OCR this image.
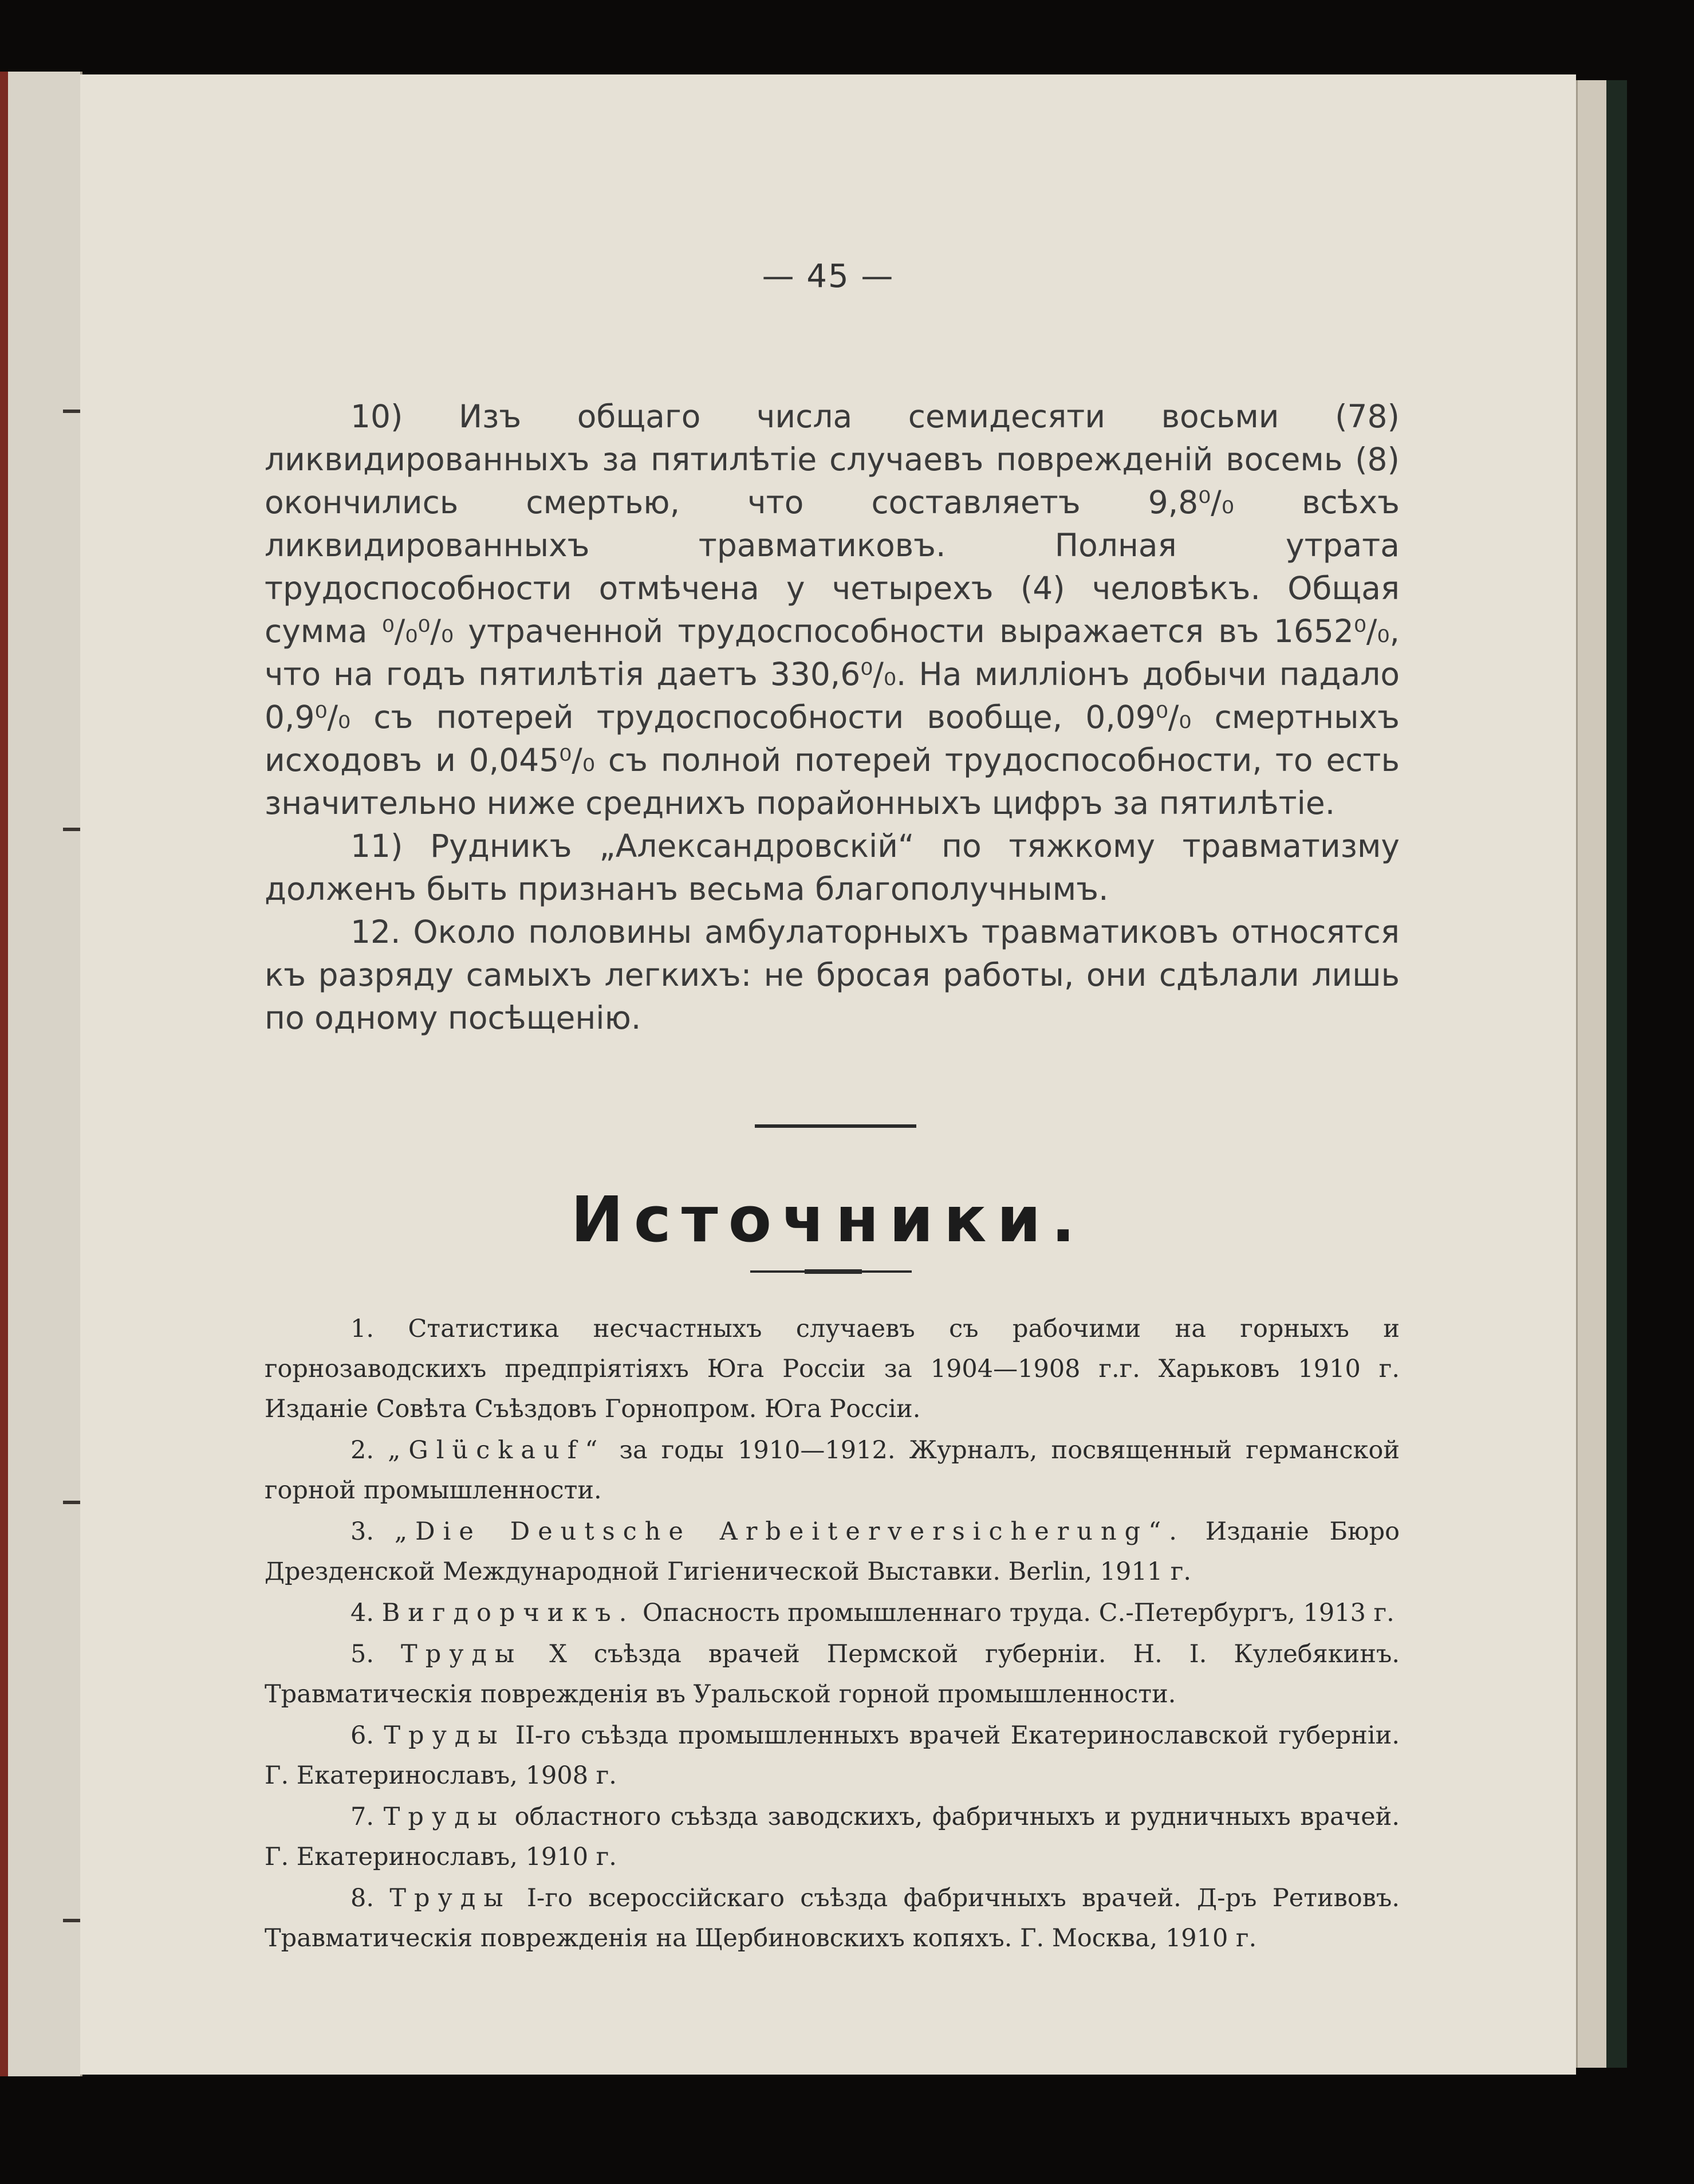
— 45 —

10) Изъ общаго числа семидесяти восьми (78) ликвидированныхъ за пятилѣтіе случаевъ поврежденій восемь (8) окончились смертью, что составляетъ 9,8⁰/₀ всѣхъ ликвидированныхъ травматиковъ. Полная утрата трудоспособности отмѣчена у четырехъ (4) человѣкъ. Общая сумма ⁰/₀⁰/₀ утраченной трудоспособности выражается въ 1652⁰/₀, что на годъ пятилѣтія даетъ 330,6⁰/₀. На милліонъ добычи падало 0,9⁰/₀ съ потерей трудоспособности вообще, 0,09⁰/₀ смертныхъ исходовъ и 0,045⁰/₀ съ полной потерей трудоспособности, то есть значительно ниже среднихъ порайонныхъ цифръ за пятилѣтіе.

11) Рудникъ „Александровскій“ по тяжкому травматизму долженъ быть признанъ весьма благополучнымъ.

12. Около половины амбулаторныхъ травматиковъ относятся къ разряду самыхъ легкихъ: не бросая работы, они сдѣлали лишь по одному посѣщенію.

Источники.

1. Статистика несчастныхъ случаевъ съ рабочими на горныхъ и горнозаводскихъ предпріятіяхъ Юга Россіи за 1904—1908 г.г. Харьковъ 1910 г. Изданіе Совѣта Съѣздовъ Горнопром. Юга Россіи.

2. „Glückauf“ за годы 1910—1912. Журналъ, посвященный германской горной промышленности.

3. „Die Deutsche Arbeiterversicherung“. Изданіе Бюро Дрезденской Международной Гигіенической Выставки. Berlin, 1911 г.

4. Вигдорчикъ. Опасность промышленнаго труда. С.-Петербургъ, 1913 г.

5. Труды X съѣзда врачей Пермской губерніи. Н. І. Кулебякинъ. Травматическія поврежденія въ Уральской горной промышленности.

6. Труды II-го съѣзда промышленныхъ врачей Екатеринославской губерніи. Г. Екатеринославъ, 1908 г.

7. Труды областного съѣзда заводскихъ, фабричныхъ и рудничныхъ врачей. Г. Екатеринославъ, 1910 г.

8. Труды І-го всероссійскаго съѣзда фабричныхъ врачей. Д-ръ Ретивовъ. Травматическія поврежденія на Щербиновскихъ копяхъ. Г. Москва, 1910 г.
